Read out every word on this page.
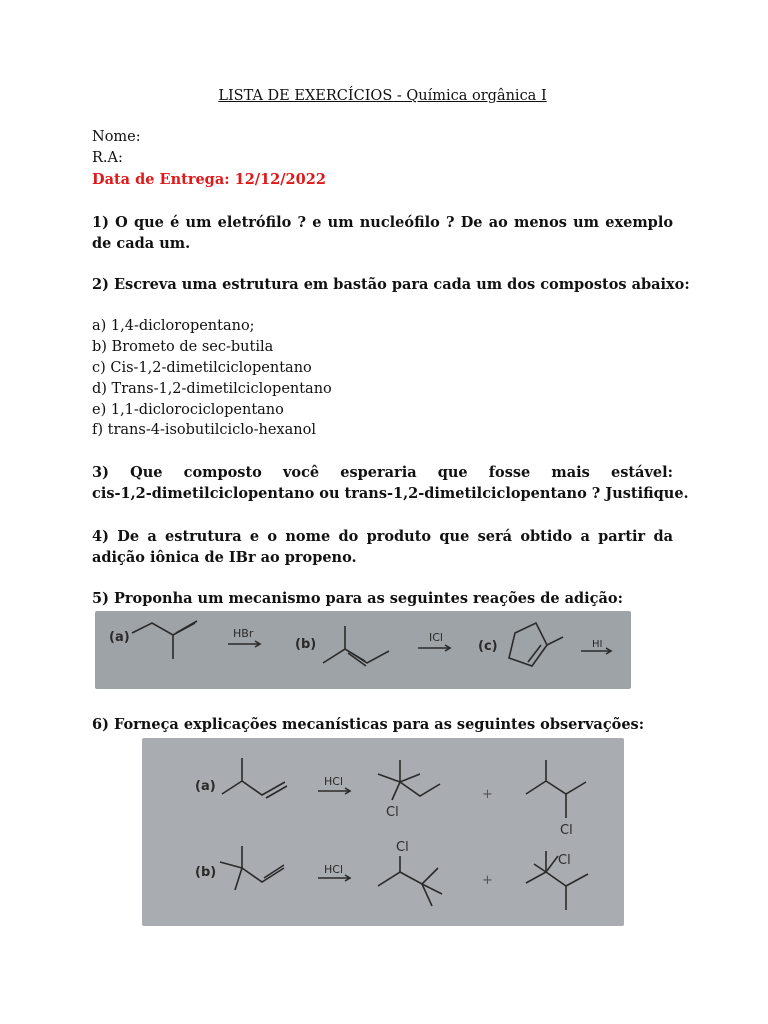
LISTA DE EXERCÍCIOS - Química orgânica I
Nome:
R.A:
Data de Entrega: 12/12/2022
1) O que é um eletrófilo ? e um nucleófilo ? De ao menos um exemplo de cada um.
2) Escreva uma estrutura em bastão para cada um dos compostos abaixo:
a) 1,4-dicloropentano;
b) Brometo de sec-butila
c) Cis-1,2-dimetilciclopentano
d) Trans-1,2-dimetilciclopentano
e) 1,1-diclorociclopentano
f) trans-4-isobutilciclo-hexanol
3) Que composto você esperaria que fosse mais estável:
cis-1,2-dimetilciclopentano ou trans-1,2-dimetilciclopentano ? Justifique.
4) De a estrutura e o nome do produto que será obtido a partir da adição iônica de IBr ao propeno.
5) Proponha um mecanismo para as seguintes reações de adição:
(a)	HBr
(b)	ICl
(c)	HI
6) Forneça explicações mecanísticas para as seguintes observações:
(a)	HCl
Cl
+
Cl
(b)	HCl
Cl
+
Cl
